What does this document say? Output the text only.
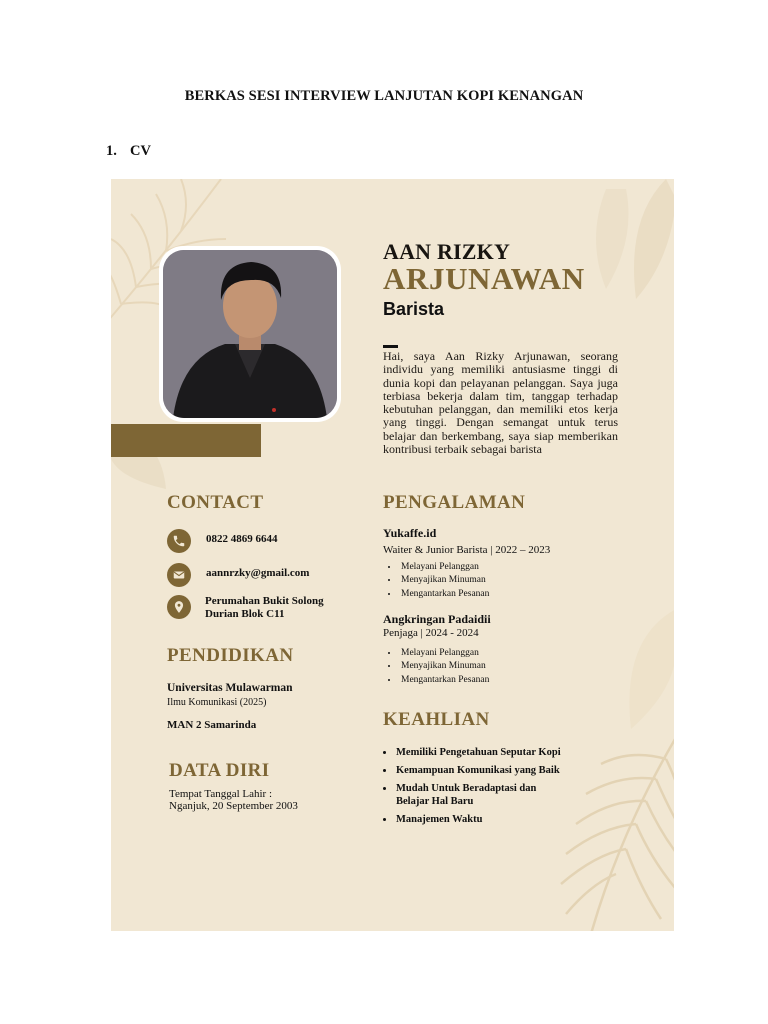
BERKAS SESI INTERVIEW LANJUTAN KOPI KENANGAN
1. CV
AAN RIZKY
ARJUNAWAN
Barista
Hai, saya Aan Rizky Arjunawan, seorang individu yang memiliki antusiasme tinggi di dunia kopi dan pelayanan pelanggan. Saya juga terbiasa bekerja dalam tim, tanggap terhadap kebutuhan pelanggan, dan memiliki etos kerja yang tinggi. Dengan semangat untuk terus belajar dan berkembang, saya siap memberikan kontribusi terbaik sebagai barista
CONTACT
0822 4869 6644
aannrzky@gmail.com
Perumahan Bukit Solong
Durian Blok C11
PENDIDIKAN
Universitas Mulawarman
Ilmu Komunikasi (2025)
MAN 2 Samarinda
DATA DIRI
Tempat Tanggal Lahir :
Nganjuk, 20 September 2003
PENGALAMAN
Yukaffe.id
Waiter & Junior Barista | 2022 – 2023
• Melayani Pelanggan
• Menyajikan Minuman
• Mengantarkan Pesanan
Angkringan Padaidii
Penjaga | 2024 - 2024
• Melayani Pelanggan
• Menyajikan Minuman
• Mengantarkan Pesanan
KEAHLIAN
• Memiliki Pengetahuan Seputar Kopi
• Kemampuan Komunikasi yang Baik
• Mudah Untuk Beradaptasi dan Belajar Hal Baru
• Manajemen Waktu
